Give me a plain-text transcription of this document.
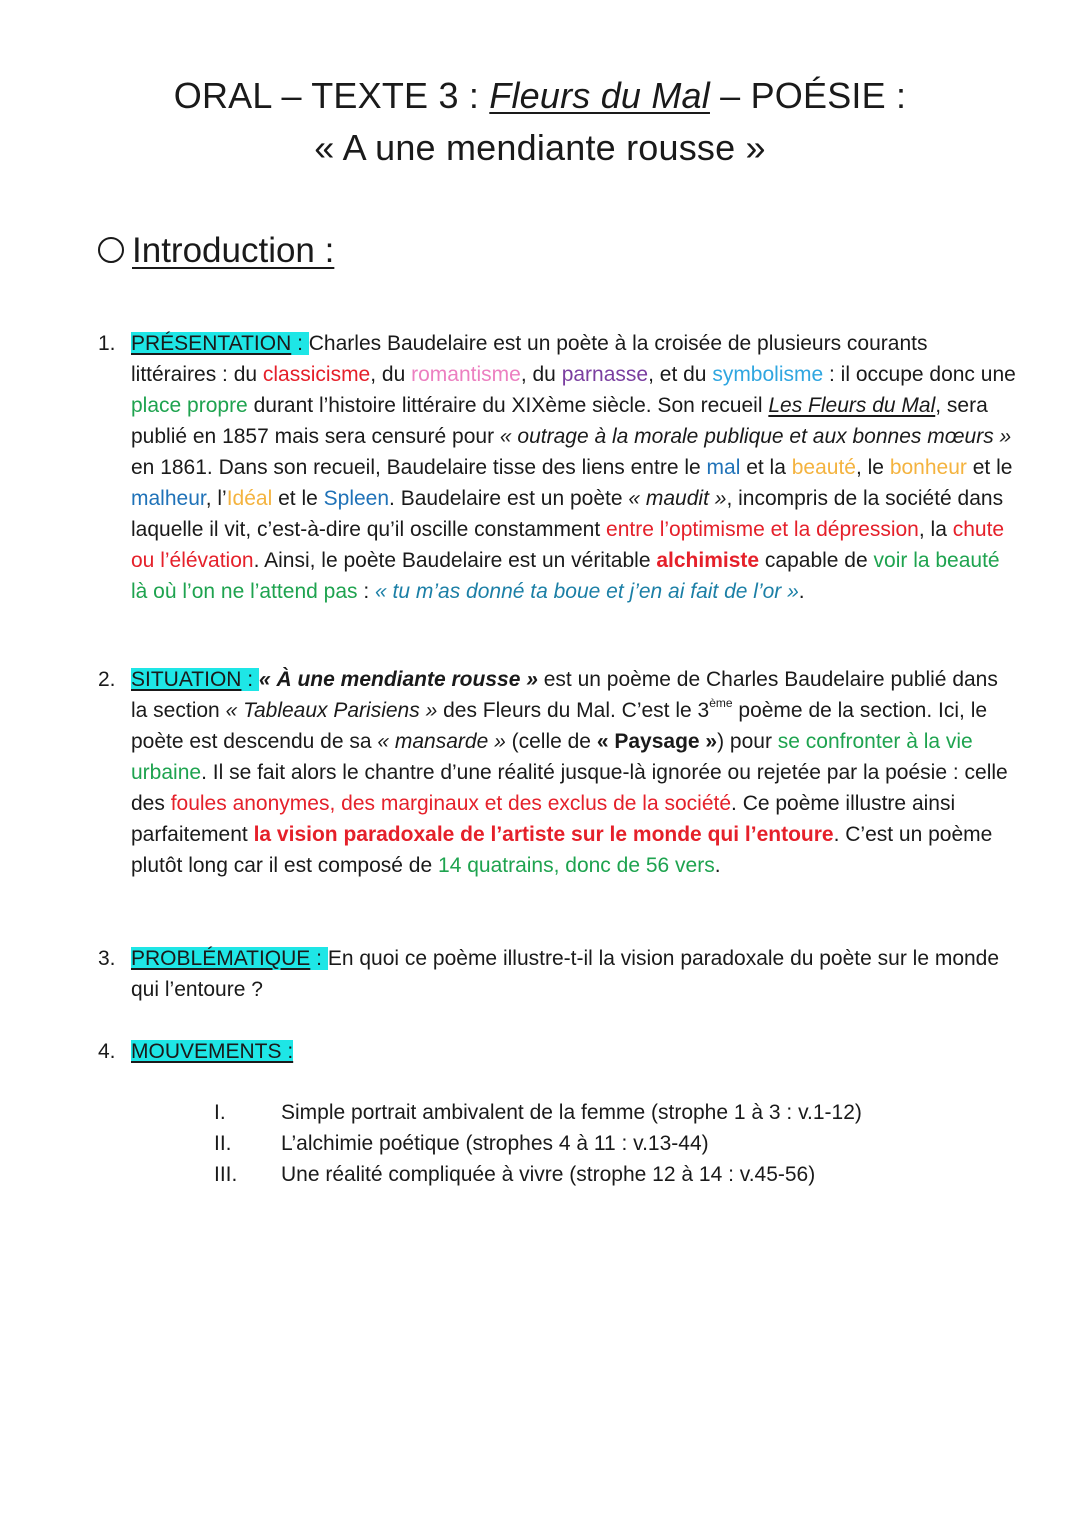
ORAL – TEXTE 3 : Fleurs du Mal – POÉSIE :
« A une mendiante rousse »
Introduction :
1. PRÉSENTATION : Charles Baudelaire est un poète à la croisée de plusieurs courants littéraires : du classicisme, du romantisme, du parnasse, et du symbolisme : il occupe donc une place propre durant l’histoire littéraire du XIXème siècle. Son recueil Les Fleurs du Mal, sera publié en 1857 mais sera censuré pour « outrage à la morale publique et aux bonnes mœurs » en 1861. Dans son recueil, Baudelaire tisse des liens entre le mal et la beauté, le bonheur et le malheur, l’Idéal et le Spleen. Baudelaire est un poète « maudit », incompris de la société dans laquelle il vit, c’est-à-dire qu’il oscille constamment entre l’optimisme et la dépression, la chute ou l’élévation. Ainsi, le poète Baudelaire est un véritable alchimiste capable de voir la beauté là où l’on ne l’attend pas : « tu m’as donné ta boue et j’en ai fait de l’or ».
2. SITUATION : « À une mendiante rousse » est un poème de Charles Baudelaire publié dans la section « Tableaux Parisiens » des Fleurs du Mal. C’est le 3ème poème de la section. Ici, le poète est descendu de sa « mansarde » (celle de « Paysage ») pour se confronter à la vie urbaine. Il se fait alors le chantre d’une réalité jusque-là ignorée ou rejetée par la poésie : celle des foules anonymes, des marginaux et des exclus de la société. Ce poème illustre ainsi parfaitement la vision paradoxale de l’artiste sur le monde qui l’entoure. C’est un poème plutôt long car il est composé de 14 quatrains, donc de 56 vers.
3. PROBLÉMATIQUE : En quoi ce poème illustre-t-il la vision paradoxale du poète sur le monde qui l’entoure ?
4. MOUVEMENTS :
I.	Simple portrait ambivalent de la femme (strophe 1 à 3 : v.1-12)
II. L’alchimie poétique (strophes 4 à 11 : v.13-44)
III. Une réalité compliquée à vivre (strophe 12 à 14 : v.45-56)
